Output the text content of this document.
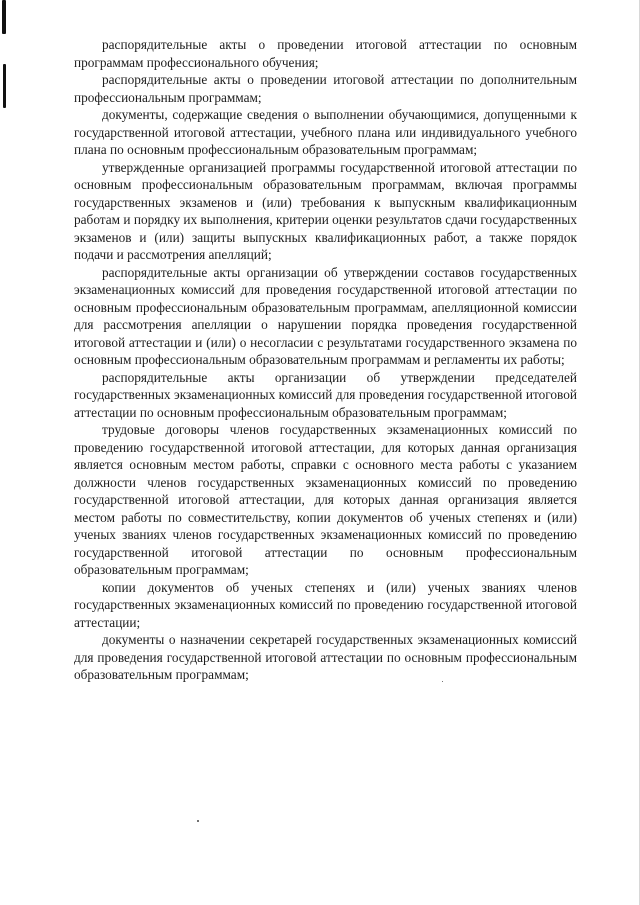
распорядительные акты о проведении итоговой аттестации по основным программам профессионального обучения;

распорядительные акты о проведении итоговой аттестации по дополнительным профессиональным программам;

документы, содержащие сведения о выполнении обучающимися, допущенными к государственной итоговой аттестации, учебного плана или индивидуального учебного плана по основным профессиональным образовательным программам;

утвержденные организацией программы государственной итоговой аттестации по основным профессиональным образовательным программам, включая программы государственных экзаменов и (или) требования к выпускным квалификационным работам и порядку их выполнения, критерии оценки результатов сдачи государственных экзаменов и (или) защиты выпускных квалификационных работ, а также порядок подачи и рассмотрения апелляций;

распорядительные акты организации об утверждении составов государственных экзаменационных комиссий для проведения государственной итоговой аттестации по основным профессиональным образовательным программам, апелляционной комиссии для рассмотрения апелляции о нарушении порядка проведения государственной итоговой аттестации и (или) о несогласии с результатами государственного экзамена по основным профессиональным образовательным программам и регламенты их работы;

распорядительные акты организации об утверждении председателей государственных экзаменационных комиссий для проведения государственной итоговой аттестации по основным профессиональным образовательным программам;

трудовые договоры членов государственных экзаменационных комиссий по проведению государственной итоговой аттестации, для которых данная организация является основным местом работы, справки с основного места работы с указанием должности членов государственных экзаменационных комиссий по проведению государственной итоговой аттестации, для которых данная организация является местом работы по совместительству, копии документов об ученых степенях и (или) ученых званиях членов государственных экзаменационных комиссий по проведению государственной итоговой аттестации по основным профессиональным образовательным программам;

копии документов об ученых степенях и (или) ученых званиях членов государственных экзаменационных комиссий по проведению государственной итоговой аттестации;

документы о назначении секретарей государственных экзаменационных комиссий для проведения государственной итоговой аттестации по основным профессиональным образовательным программам;
